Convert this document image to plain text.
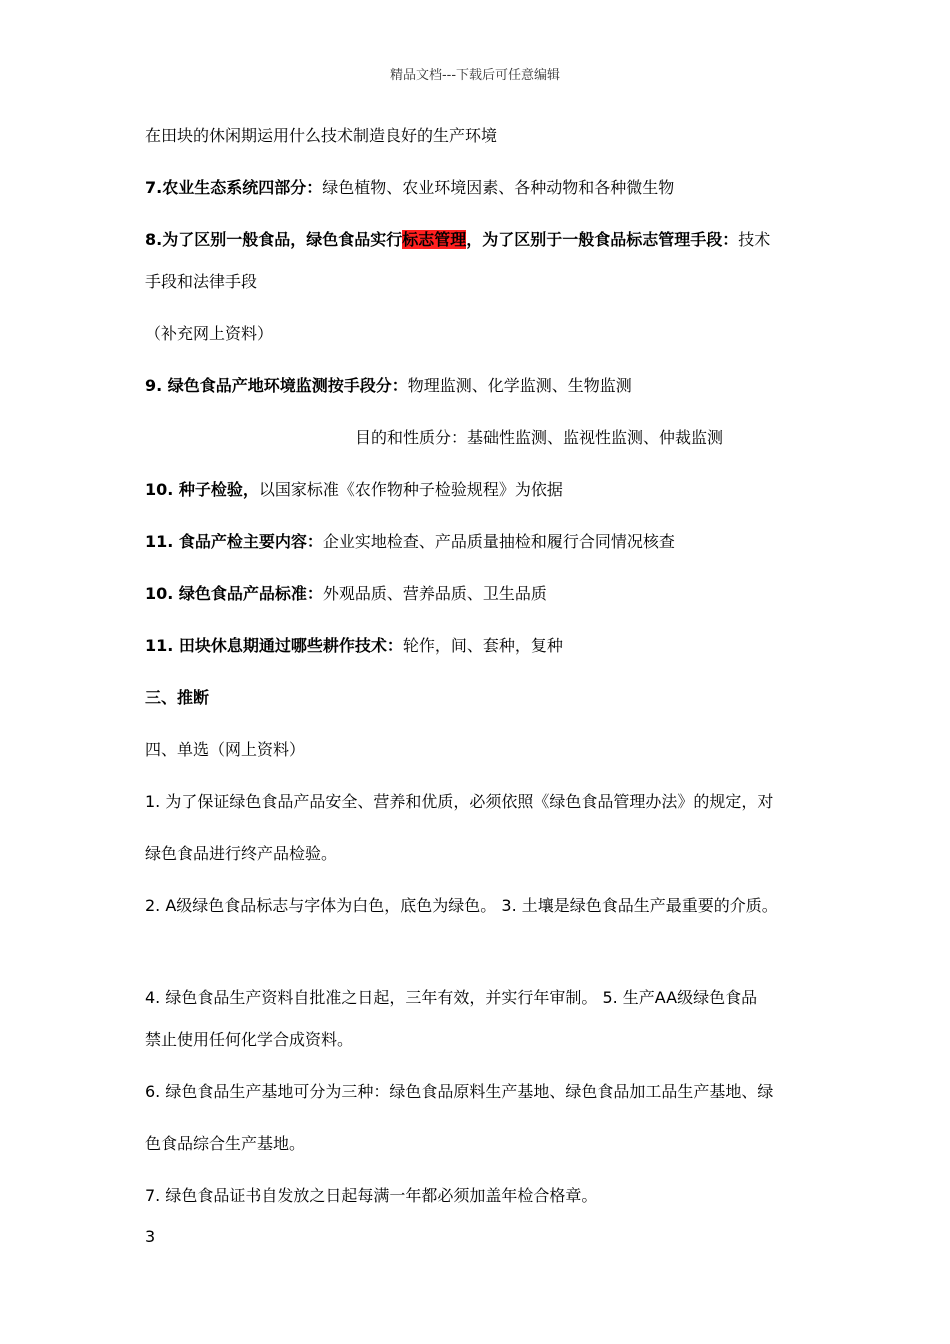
精品文档---下载后可任意编辑
在田块的休闲期运用什么技术制造良好的生产环境
7.农业生态系统四部分：绿色植物、农业环境因素、各种动物和各种微生物
8.为了区别一般食品，绿色食品实行标志管理，为了区别于一般食品标志管理手段：技术
手段和法律手段
（补充网上资料）
9. 绿色食品产地环境监测按手段分：物理监测、化学监测、生物监测
目的和性质分：基础性监测、监视性监测、仲裁监测
10. 种子检验，以国家标准《农作物种子检验规程》为依据
11. 食品产检主要内容：企业实地检查、产品质量抽检和履行合同情况核查
10. 绿色食品产品标准：外观品质、营养品质、卫生品质
11. 田块休息期通过哪些耕作技术：轮作，间、套种，复种
三、推断
四、单选（网上资料）
1. 为了保证绿色食品产品安全、营养和优质，必须依照《绿色食品管理办法》的规定，对
绿色食品进行终产品检验。
2. A级绿色食品标志与字体为白色，底色为绿色。 3. 土壤是绿色食品生产最重要的介质。
4. 绿色食品生产资料自批准之日起，三年有效，并实行年审制。 5. 生产AA级绿色食品
禁止使用任何化学合成资料。
6. 绿色食品生产基地可分为三种：绿色食品原料生产基地、绿色食品加工品生产基地、绿
色食品综合生产基地。
7. 绿色食品证书自发放之日起每满一年都必须加盖年检合格章。
3
